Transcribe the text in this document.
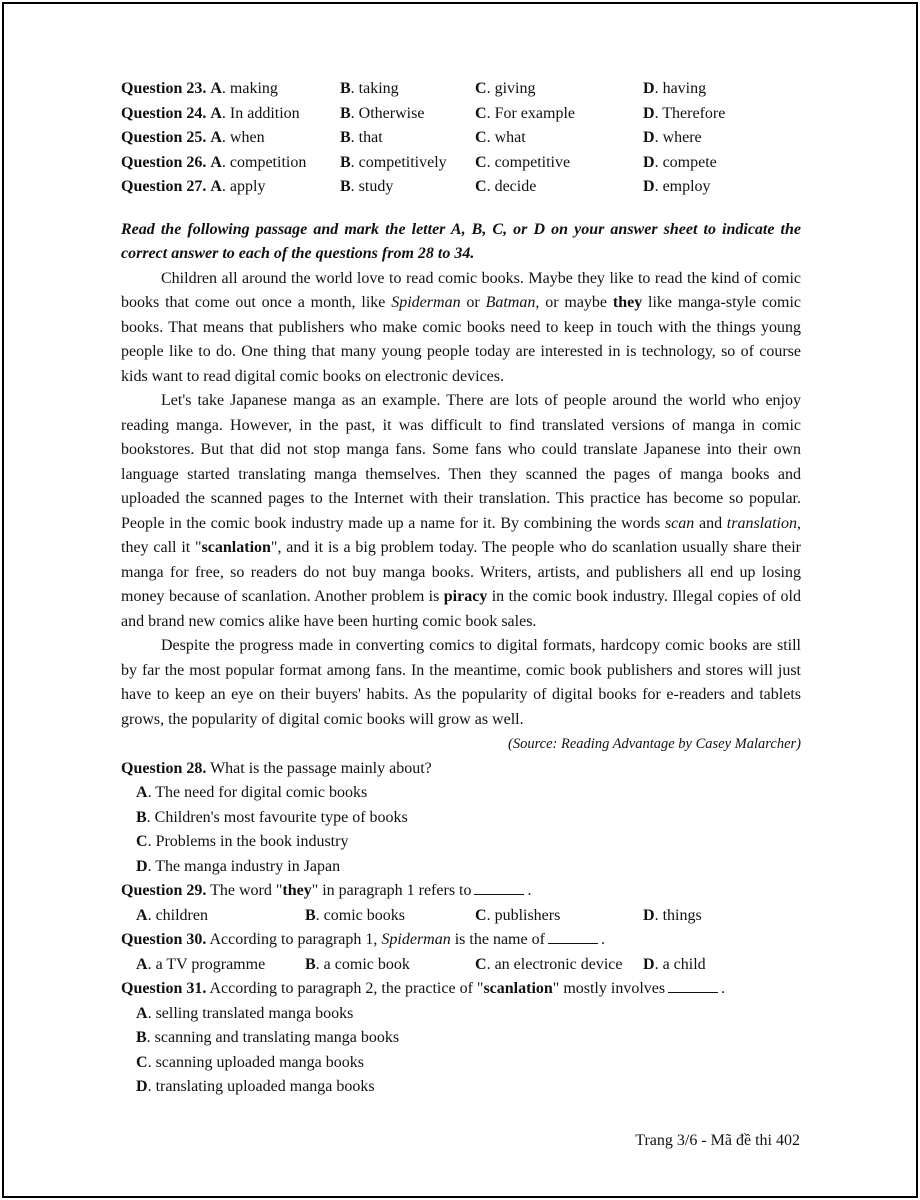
Question 23. A. making	B. taking	C. giving	D. having
Question 24. A. In addition	B. Otherwise	C. For example	D. Therefore
Question 25. A. when	B. that	C. what	D. where
Question 26. A. competition B. competitively C. competitive	D. compete
Question 27. A. apply	B. study	C. decide	D. employ
Read the following passage and mark the letter A, B, C, or D on your answer sheet to indicate the correct answer to each of the questions from 28 to 34.

Children all around the world love to read comic books. Maybe they like to read the kind of comic books that come out once a month, like Spiderman or Batman, or maybe they like manga-style comic books. That means that publishers who make comic books need to keep in touch with the things young people like to do. One thing that many young people today are interested in is technology, so of course kids want to read digital comic books on electronic devices.

Let's take Japanese manga as an example. There are lots of people around the world who enjoy reading manga. However, in the past, it was difficult to find translated versions of manga in comic bookstores. But that did not stop manga fans. Some fans who could translate Japanese into their own language started translating manga themselves. Then they scanned the pages of manga books and uploaded the scanned pages to the Internet with their translation. This practice has become so popular. People in the comic book industry made up a name for it. By combining the words scan and translation, they call it "scanlation", and it is a big problem today. The people who do scanlation usually share their manga for free, so readers do not buy manga books. Writers, artists, and publishers all end up losing money because of scanlation. Another problem is piracy in the comic book industry. Illegal copies of old and brand new comics alike have been hurting comic book sales.

Despite the progress made in converting comics to digital formats, hardcopy comic books are still by far the most popular format among fans. In the meantime, comic book publishers and stores will just have to keep an eye on their buyers' habits. As the popularity of digital books for e-readers and tablets grows, the popularity of digital comic books will grow as well.

(Source: Reading Advantage by Casey Malarcher)
Question 28. What is the passage mainly about?
A. The need for digital comic books
B. Children's most favourite type of books
C. Problems in the book industry
D. The manga industry in Japan
Question 29. The word "they" in paragraph 1 refers to	.
A. children	B. comic books	C. publishers	D. things
Question 30. According to paragraph 1, Spiderman is the name of	.
A. a TV programme B. a comic book	C. an electronic device D. a child
Question 31. According to paragraph 2, the practice of "scanlation" mostly involves	.
A. selling translated manga books
B. scanning and translating manga books
C. scanning uploaded manga books
D. translating uploaded manga books
Trang 3/6 - Mã đề thi 402
